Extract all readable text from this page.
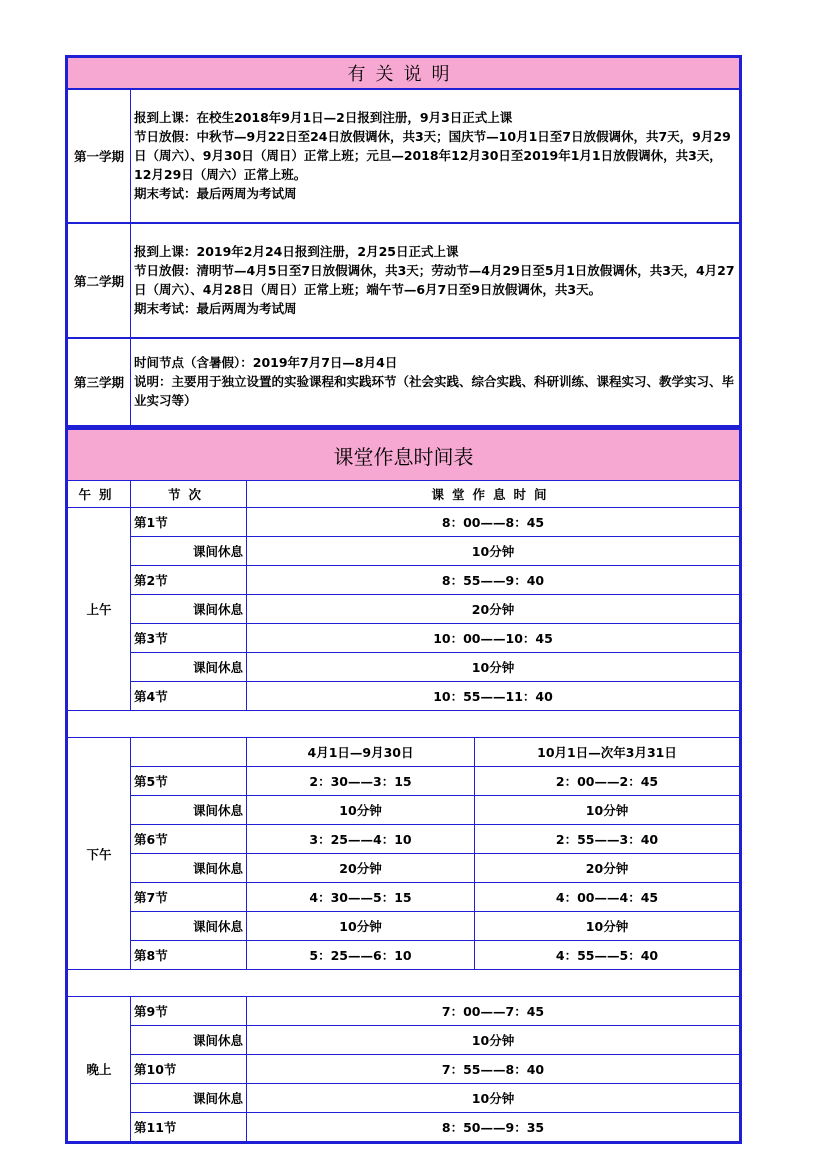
有关说明	
第一学期	报到上课：在校生2018年9月1日—2日报到注册，9月3日正式上课
节日放假：中秋节—9月22日至24日放假调休，共3天；国庆节—10月1日至7日放假调休，共7天，9月29日（周六）、9月30日（周日）正常上班；元旦—2018年12月30日至2019年1月1日放假调休，共3天，12月29日（周六）正常上班。
期末考试：最后两周为考试周

第二学期	报到上课：2019年2月24日报到注册，2月25日正式上课
节日放假：清明节—4月5日至7日放假调休，共3天；劳动节—4月29日至5月1日放假调休，共3天，4月27日（周六）、4月28日（周日）正常上班；端午节—6月7日至9日放假调休，共3天。
期末考试：最后两周为考试周

第三学期	时间节点（含暑假）：2019年7月7日—8月4日
说明：主要用于独立设置的实验课程和实践环节（社会实践、综合实践、科研训练、课程实习、教学实习、毕业实习等）
课堂作息时间表			
午别	节次	课堂作息时间	
上午	第1节	8：00——8：45	
	课间休息	10分钟	
	第2节	8：55——9：40	
	课间休息	20分钟	
	第3节	10：00——10：45	
	课间休息	10分钟	
	第4节	10：55——11：40	

下午		4月1日—9月30日	10月1日—次年3月31日
	第5节	2：30——3：15	2：00——2：45
	课间休息	10分钟	10分钟
	第6节	3：25——4：10	2：55——3：40
	课间休息	20分钟	20分钟
	第7节	4：30——5：15	4：00——4：45
	课间休息	10分钟	10分钟
	第8节	5：25——6：10	4：55——5：40

晚上	第9节	7：00——7：45	
	课间休息	10分钟	
	第10节	7：55——8：40	
	课间休息	10分钟	
	第11节	8：50——9：35	
